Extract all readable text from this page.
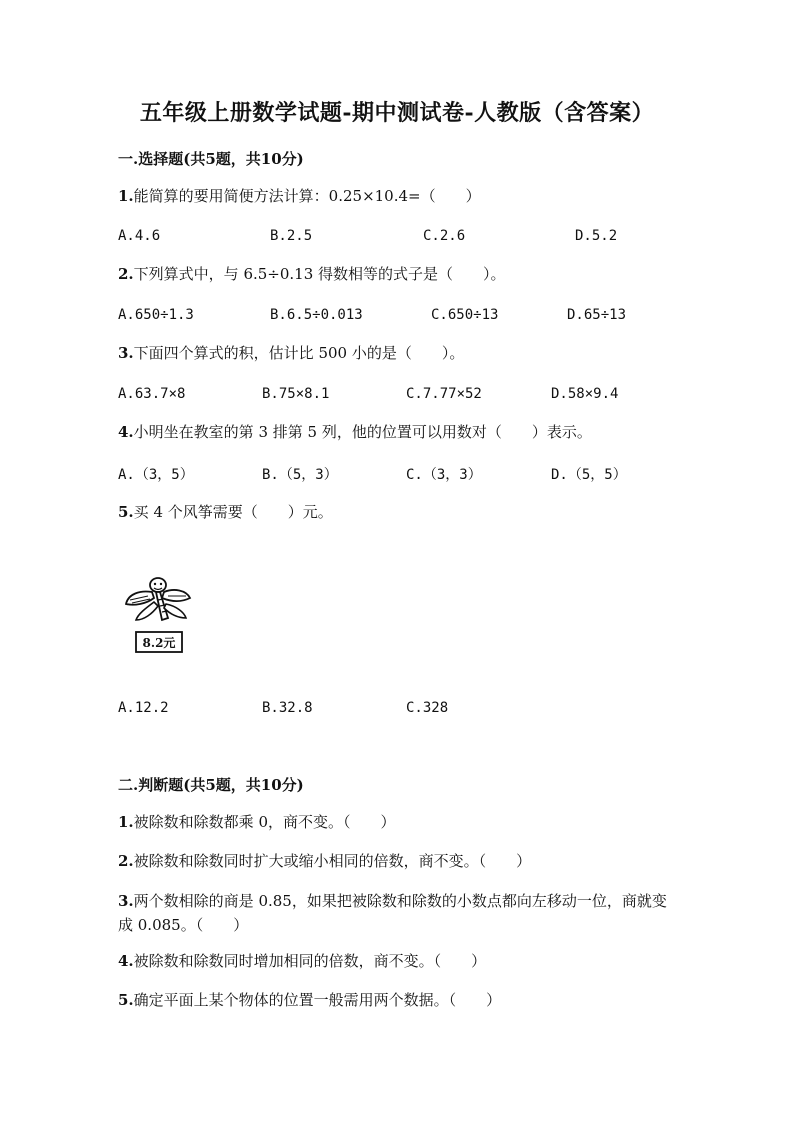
五年级上册数学试题-期中测试卷-人教版（含答案）
一.选择题(共5题，共10分)
1.能简算的要用简便方法计算：0.25×10.4=（　　）
A.4.6	B.2.5	C.2.6	D.5.2
2.下列算式中，与 6.5÷0.13 得数相等的式子是（　　）。
A.650÷1.3	B.6.5÷0.013	C.650÷13	D.65÷13
3.下面四个算式的积，估计比 500 小的是（　　）。
A.63.7×8	B.75×8.1	C.7.77×52	D.58×9.4
4.小明坐在教室的第 3 排第 5 列，他的位置可以用数对（　　）表示。
A.（3，5）	B.（5，3）	C.（3，3）	D.（5，5）
5.买 4 个风筝需要（　　）元。
8.2元
A.12.2	B.32.8	C.328
二.判断题(共5题，共10分)
1.被除数和除数都乘 0，商不变。（　　）
2.被除数和除数同时扩大或缩小相同的倍数，商不变。（　　）
3.两个数相除的商是 0.85，如果把被除数和除数的小数点都向左移动一位，商就变成 0.085。（　　）
4.被除数和除数同时增加相同的倍数，商不变。（　　）
5.确定平面上某个物体的位置一般需用两个数据。（　　）
